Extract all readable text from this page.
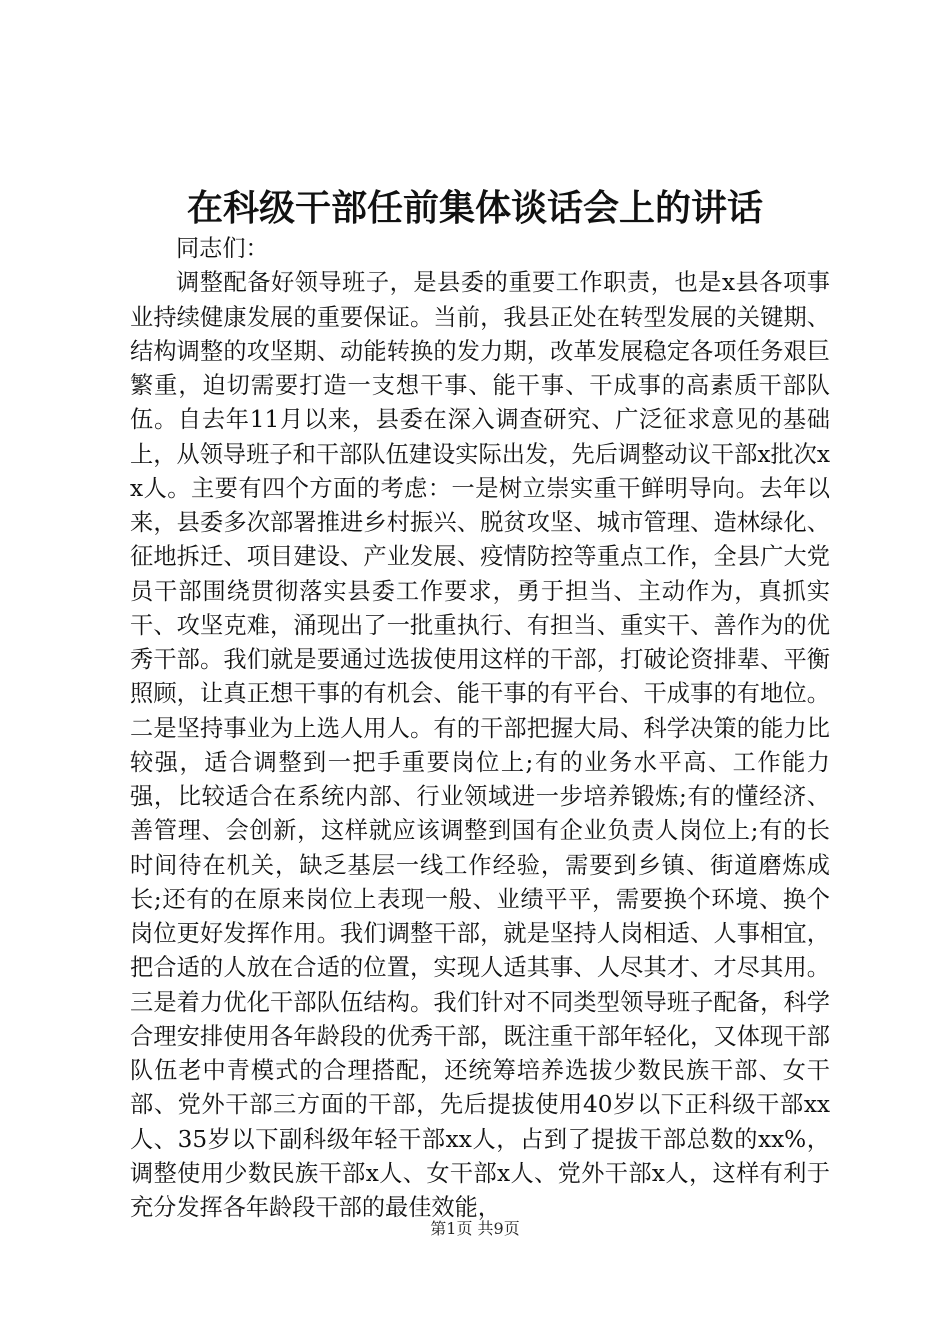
在科级干部任前集体谈话会上的讲话

同志们：

调整配备好领导班子，是县委的重要工作职责，也是x县各项事业持续健康发展的重要保证。当前，我县正处在转型发展的关键期、结构调整的攻坚期、动能转换的发力期，改革发展稳定各项任务艰巨繁重，迫切需要打造一支想干事、能干事、干成事的高素质干部队伍。自去年11月以来，县委在深入调查研究、广泛征求意见的基础上，从领导班子和干部队伍建设实际出发，先后调整动议干部x批次xx人。主要有四个方面的考虑：一是树立崇实重干鲜明导向。去年以来，县委多次部署推进乡村振兴、脱贫攻坚、城市管理、造林绿化、征地拆迁、项目建设、产业发展、疫情防控等重点工作，全县广大党员干部围绕贯彻落实县委工作要求，勇于担当、主动作为，真抓实干、攻坚克难，涌现出了一批重执行、有担当、重实干、善作为的优秀干部。我们就是要通过选拔使用这样的干部，打破论资排辈、平衡照顾，让真正想干事的有机会、能干事的有平台、干成事的有地位。二是坚持事业为上选人用人。有的干部把握大局、科学决策的能力比较强，适合调整到一把手重要岗位上;有的业务水平高、工作能力强，比较适合在系统内部、行业领域进一步培养锻炼;有的懂经济、善管理、会创新，这样就应该调整到国有企业负责人岗位上;有的长时间待在机关，缺乏基层一线工作经验，需要到乡镇、街道磨炼成长;还有的在原来岗位上表现一般、业绩平平，需要换个环境、换个岗位更好发挥作用。我们调整干部，就是坚持人岗相适、人事相宜，把合适的人放在合适的位置，实现人适其事、人尽其才、才尽其用。三是着力优化干部队伍结构。我们针对不同类型领导班子配备，科学合理安排使用各年龄段的优秀干部，既注重干部年轻化，又体现干部队伍老中青模式的合理搭配，还统筹培养选拔少数民族干部、女干部、党外干部三方面的干部，先后提拔使用40岁以下正科级干部xx人、35岁以下副科级年轻干部xx人，占到了提拔干部总数的xx%，调整使用少数民族干部x人、女干部x人、党外干部x人，这样有利于充分发挥各年龄段干部的最佳效能，

第1页 共9页
